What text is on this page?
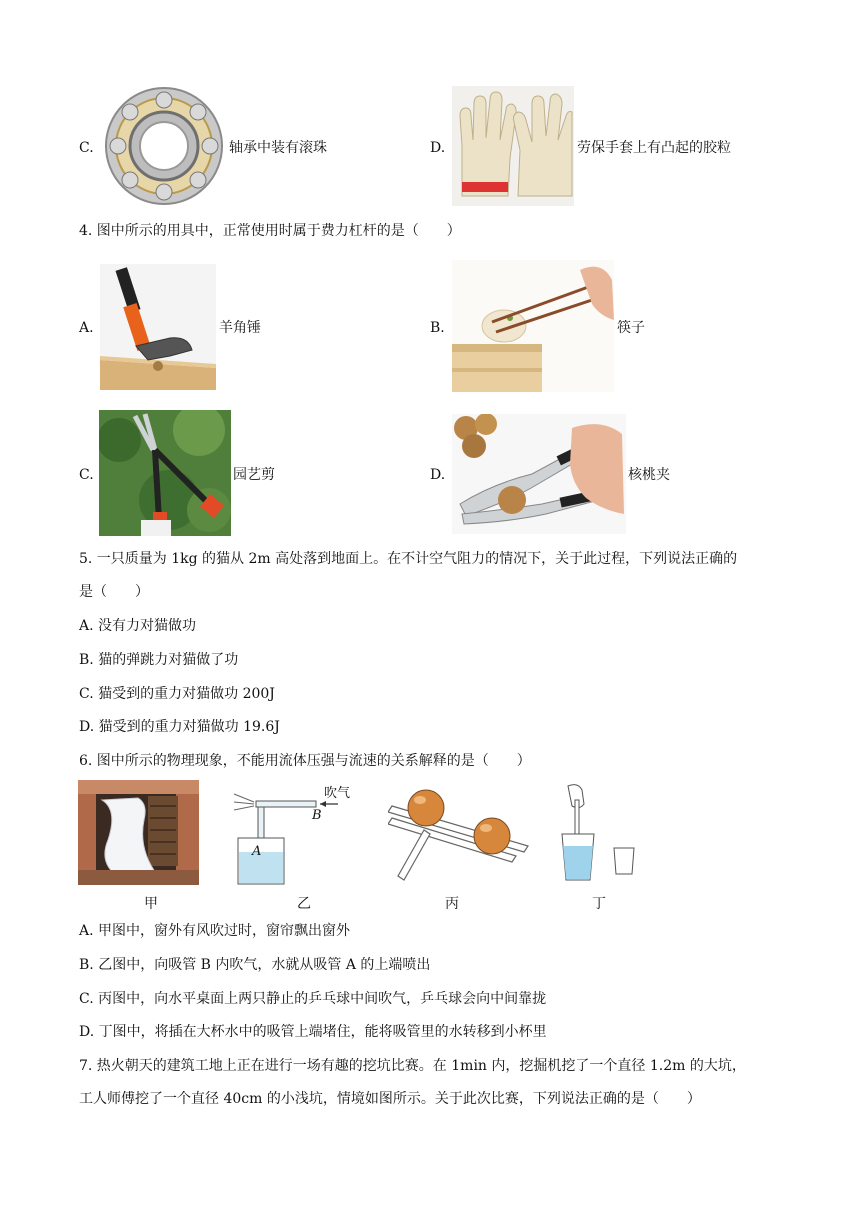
C.	轴承中装有滚珠	D.	劳保手套上有凸起的胶粒
4. 图中所示的用具中，正常使用时属于费力杠杆的是（　　）
A.	羊角锤	B.	筷子
C.	园艺剪	D.	核桃夹
5. 一只质量为 1kg 的猫从 2m 高处落到地面上。在不计空气阻力的情况下，关于此过程，下列说法正确的
是（　　）
A. 没有力对猫做功
B. 猫的弹跳力对猫做了功
C. 猫受到的重力对猫做功 200J
D. 猫受到的重力对猫做功 19.6J
6. 图中所示的物理现象，不能用流体压强与流速的关系解释的是（　　）
吹气
B
A
甲	乙	丙	丁
A. 甲图中，窗外有风吹过时，窗帘飘出窗外
B. 乙图中，向吸管 B 内吹气，水就从吸管 A 的上端喷出
C. 丙图中，向水平桌面上两只静止的乒乓球中间吹气，乒乓球会向中间靠拢
D. 丁图中，将插在大杯水中的吸管上端堵住，能将吸管里的水转移到小杯里
7. 热火朝天的建筑工地上正在进行一场有趣的挖坑比赛。在 1min 内，挖掘机挖了一个直径 1.2m 的大坑，
工人师傅挖了一个直径 40cm 的小浅坑，情境如图所示。关于此次比赛，下列说法正确的是（　　）
